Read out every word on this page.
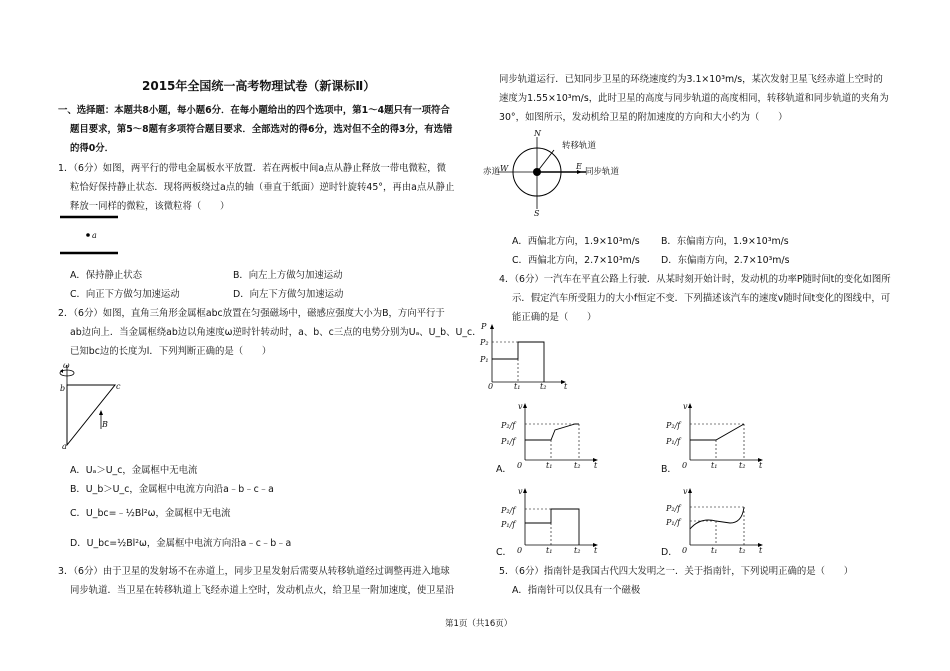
2015年全国统一高考物理试卷（新课标Ⅱ）
一、选择题：本题共8小题，每小题6分．在每小题给出的四个选项中，第1～4题只有一项符合
题目要求，第5～8题有多项符合题目要求．全部选对的得6分，选对但不全的得3分，有选错
的得0分．
1．（6分）如图，两平行的带电金属板水平放置．若在两板中间a点从静止释放一带电微粒，微
粒恰好保持静止状态．现将两板绕过a点的轴（垂直于纸面）逆时针旋转45°，再由a点从静止
释放一同样的微粒，该微粒将（　　）
a
A．保持静止状态	B．向左上方做匀加速运动
C．向正下方做匀加速运动	D．向左下方做匀加速运动
2．（6分）如图，直角三角形金属框abc放置在匀强磁场中，磁感应强度大小为B，方向平行于
ab边向上．当金属框绕ab边以角速度ω逆时针转动时，a、b、c三点的电势分别为Uₐ、U_b、U_c．
已知bc边的长度为l．下列判断正确的是（　　）
ω
b	c
a
B
A．Uₐ＞U_c，金属框中无电流
B．U_b＞U_c，金属框中电流方向沿a﹣b﹣c﹣a
C．U_bc=﹣½Bl²ω，金属框中无电流
D．U_bc=½Bl²ω，金属框中电流方向沿a﹣c﹣b﹣a
3．（6分）由于卫星的发射场不在赤道上，同步卫星发射后需要从转移轨道经过调整再进入地球
同步轨道．当卫星在转移轨道上飞经赤道上空时，发动机点火，给卫星一附加速度，使卫星沿
同步轨道运行．已知同步卫星的环绕速度约为3.1×10³m/s，某次发射卫星飞经赤道上空时的
速度为1.55×10³m/s，此时卫星的高度与同步轨道的高度相同，转移轨道和同步轨道的夹角为
30°，如图所示，发动机给卫星的附加速度的方向和大小约为（　　）
N
S
W	E
转移轨道
赤道	同步轨道
A．西偏北方向，1.9×10³m/s B．东偏南方向，1.9×10³m/s
C．西偏北方向，2.7×10³m/s D．东偏南方向，2.7×10³m/s
4．（6分）一汽车在平直公路上行驶．从某时刻开始计时，发动机的功率P随时间t的变化如图所
示．假定汽车所受阻力的大小f恒定不变．下列描述该汽车的速度v随时间t变化的图线中，可
能正确的是（　　）
P
P₂
P₁
0	t₁ t₂ t
v
P₂/f
P₁/f
0	t₁	t₂ t
A．
v
P₂/f
P₁/f
0	t₁	t₂ t
B．
v
P₂/f
P₁/f
0	t₁	t₂ t
C．
v
P₂/f
P₁/f
0	t₁	t₂ t
D．
5．（6分）指南针是我国古代四大发明之一．关于指南针，下列说明正确的是（　　）
A．指南针可以仅具有一个磁极
第1页（共16页）
